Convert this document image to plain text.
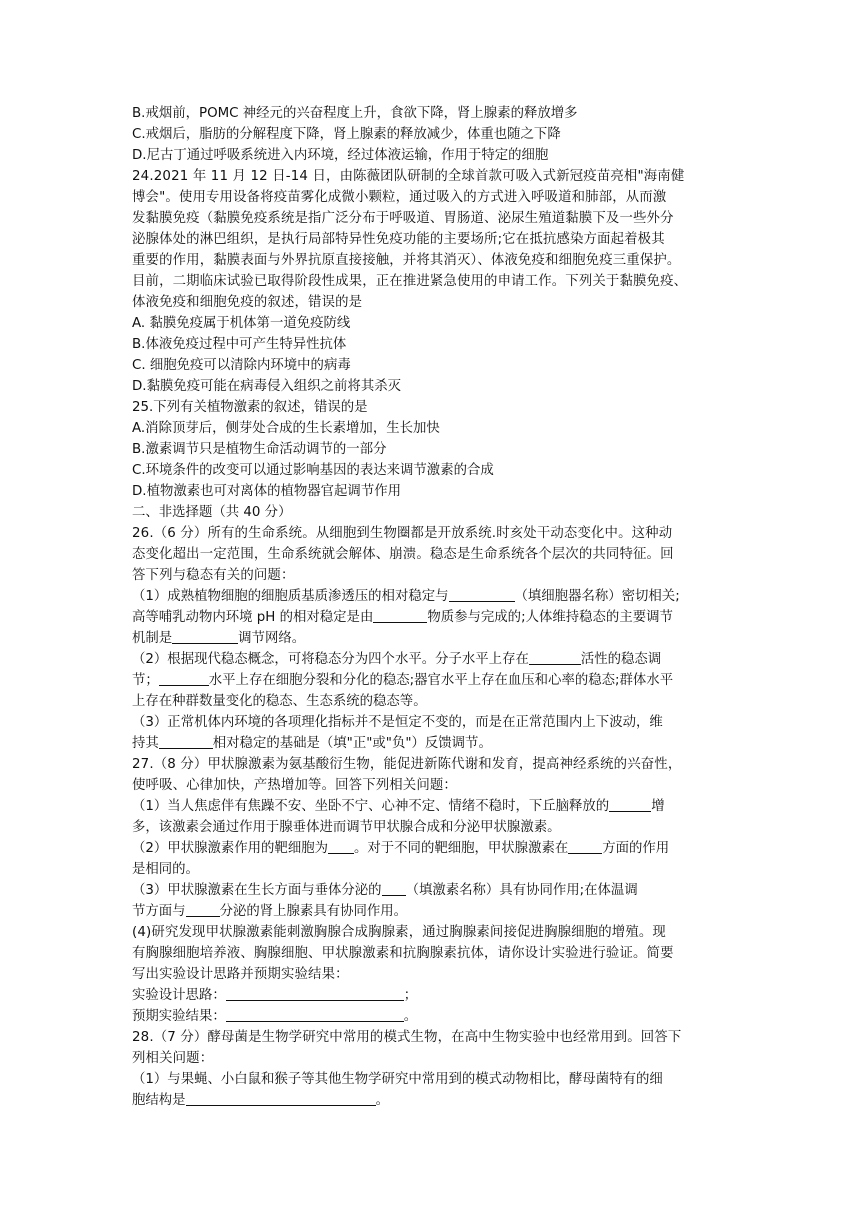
B.戒烟前，POMC 神经元的兴奋程度上升，食欲下降，肾上腺素的释放增多
C.戒烟后，脂肪的分解程度下降，肾上腺素的释放减少，体重也随之下降
D.尼古丁通过呼吸系统进入内环境，经过体液运输，作用于特定的细胞
24.2021 年 11 月 12 日-14 日，由陈薇团队研制的全球首款可吸入式新冠疫苗亮相"海南健
博会"。使用专用设备将疫苗雾化成微小颗粒，通过吸入的方式进入呼吸道和肺部，从而激
发黏膜免疫（黏膜免疫系统是指广泛分布于呼吸道、胃肠道、泌尿生殖道黏膜下及一些外分
泌腺体处的淋巴组织，是执行局部特异性免疫功能的主要场所;它在抵抗感染方面起着极其
重要的作用，黏膜表面与外界抗原直接接触，并将其消灭）、体液免疫和细胞免疫三重保护。
目前，二期临床试验已取得阶段性成果，正在推进紧急使用的申请工作。下列关于黏膜免疫、
体液免疫和细胞免疫的叙述，错误的是
A. 黏膜免疫属于机体第一道免疫防线
B.体液免疫过程中可产生特异性抗体
C. 细胞免疫可以清除内环境中的病毒
D.黏膜免疫可能在病毒侵入组织之前将其杀灭
25.下列有关植物激素的叙述，错误的是
A.消除顶芽后，侧芽处合成的生长素增加，生长加快
B.激素调节只是植物生命活动调节的一部分
C.环境条件的改变可以通过影响基因的表达来调节激素的合成
D.植物激素也可对离体的植物器官起调节作用
二、非选择题（共 40 分）
26.（6 分）所有的生命系统。从细胞到生物圈都是开放系统.时亥处干动态变化中。这种动
态变化超出一定范围，生命系统就会解体、崩溃。稳态是生命系统各个层次的共同特征。回
答下列与稳态有关的问题：
（1）成熟植物细胞的细胞质基质渗透压的相对稳定与	（填细胞器名称）密切相关;
高等哺乳动物内环境 pH 的相对稳定是由	物质参与完成的;人体维持稳态的主要调节
机制是	调节网络。
（2）根据现代稳态概念，可将稳态分为四个水平。分子水平上存在	活性的稳态调
节；	水平上存在细胞分裂和分化的稳态;器官水平上存在血压和心率的稳态;群体水平
上存在种群数量变化的稳态、生态系统的稳态等。
（3）正常机体内环境的各项理化指标并不是恒定不变的，而是在正常范围内上下波动，维
持其	相对稳定的基础是（填"正"或"负"）反馈调节。
27.（8 分）甲状腺激素为氨基酸衍生物，能促进新陈代谢和发育，提高神经系统的兴奋性，
使呼吸、心律加快，产热增加等。回答下列相关问题：
（1）当人焦虑伴有焦躁不安、坐卧不宁、心神不定、情绪不稳时，下丘脑释放的	增
多，该激素会通过作用于腺垂体进而调节甲状腺合成和分泌甲状腺激素。
（2）甲状腺激素作用的靶细胞为 。对于不同的靶细胞，甲状腺激素在	方面的作用
是相同的。
（3）甲状腺激素在生长方面与垂体分泌的 （填激素名称）具有协同作用;在体温调
节方面与	分泌的肾上腺素具有协同作用。
(4)研究发现甲状腺激素能刺激胸腺合成胸腺素，通过胸腺素间接促进胸腺细胞的增殖。现
有胸腺细胞培养液、胸腺细胞、甲状腺激素和抗胸腺素抗体，请你设计实验进行验证。简要
写出实验设计思路并预期实验结果：
实验设计思路：	；
预期实验结果：	。
28.（7 分）酵母菌是生物学研究中常用的模式生物，在高中生物实验中也经常用到。回答下
列相关问题：
（1）与果蝇、小白鼠和猴子等其他生物学研究中常用到的模式动物相比，酵母菌特有的细
胞结构是	。
